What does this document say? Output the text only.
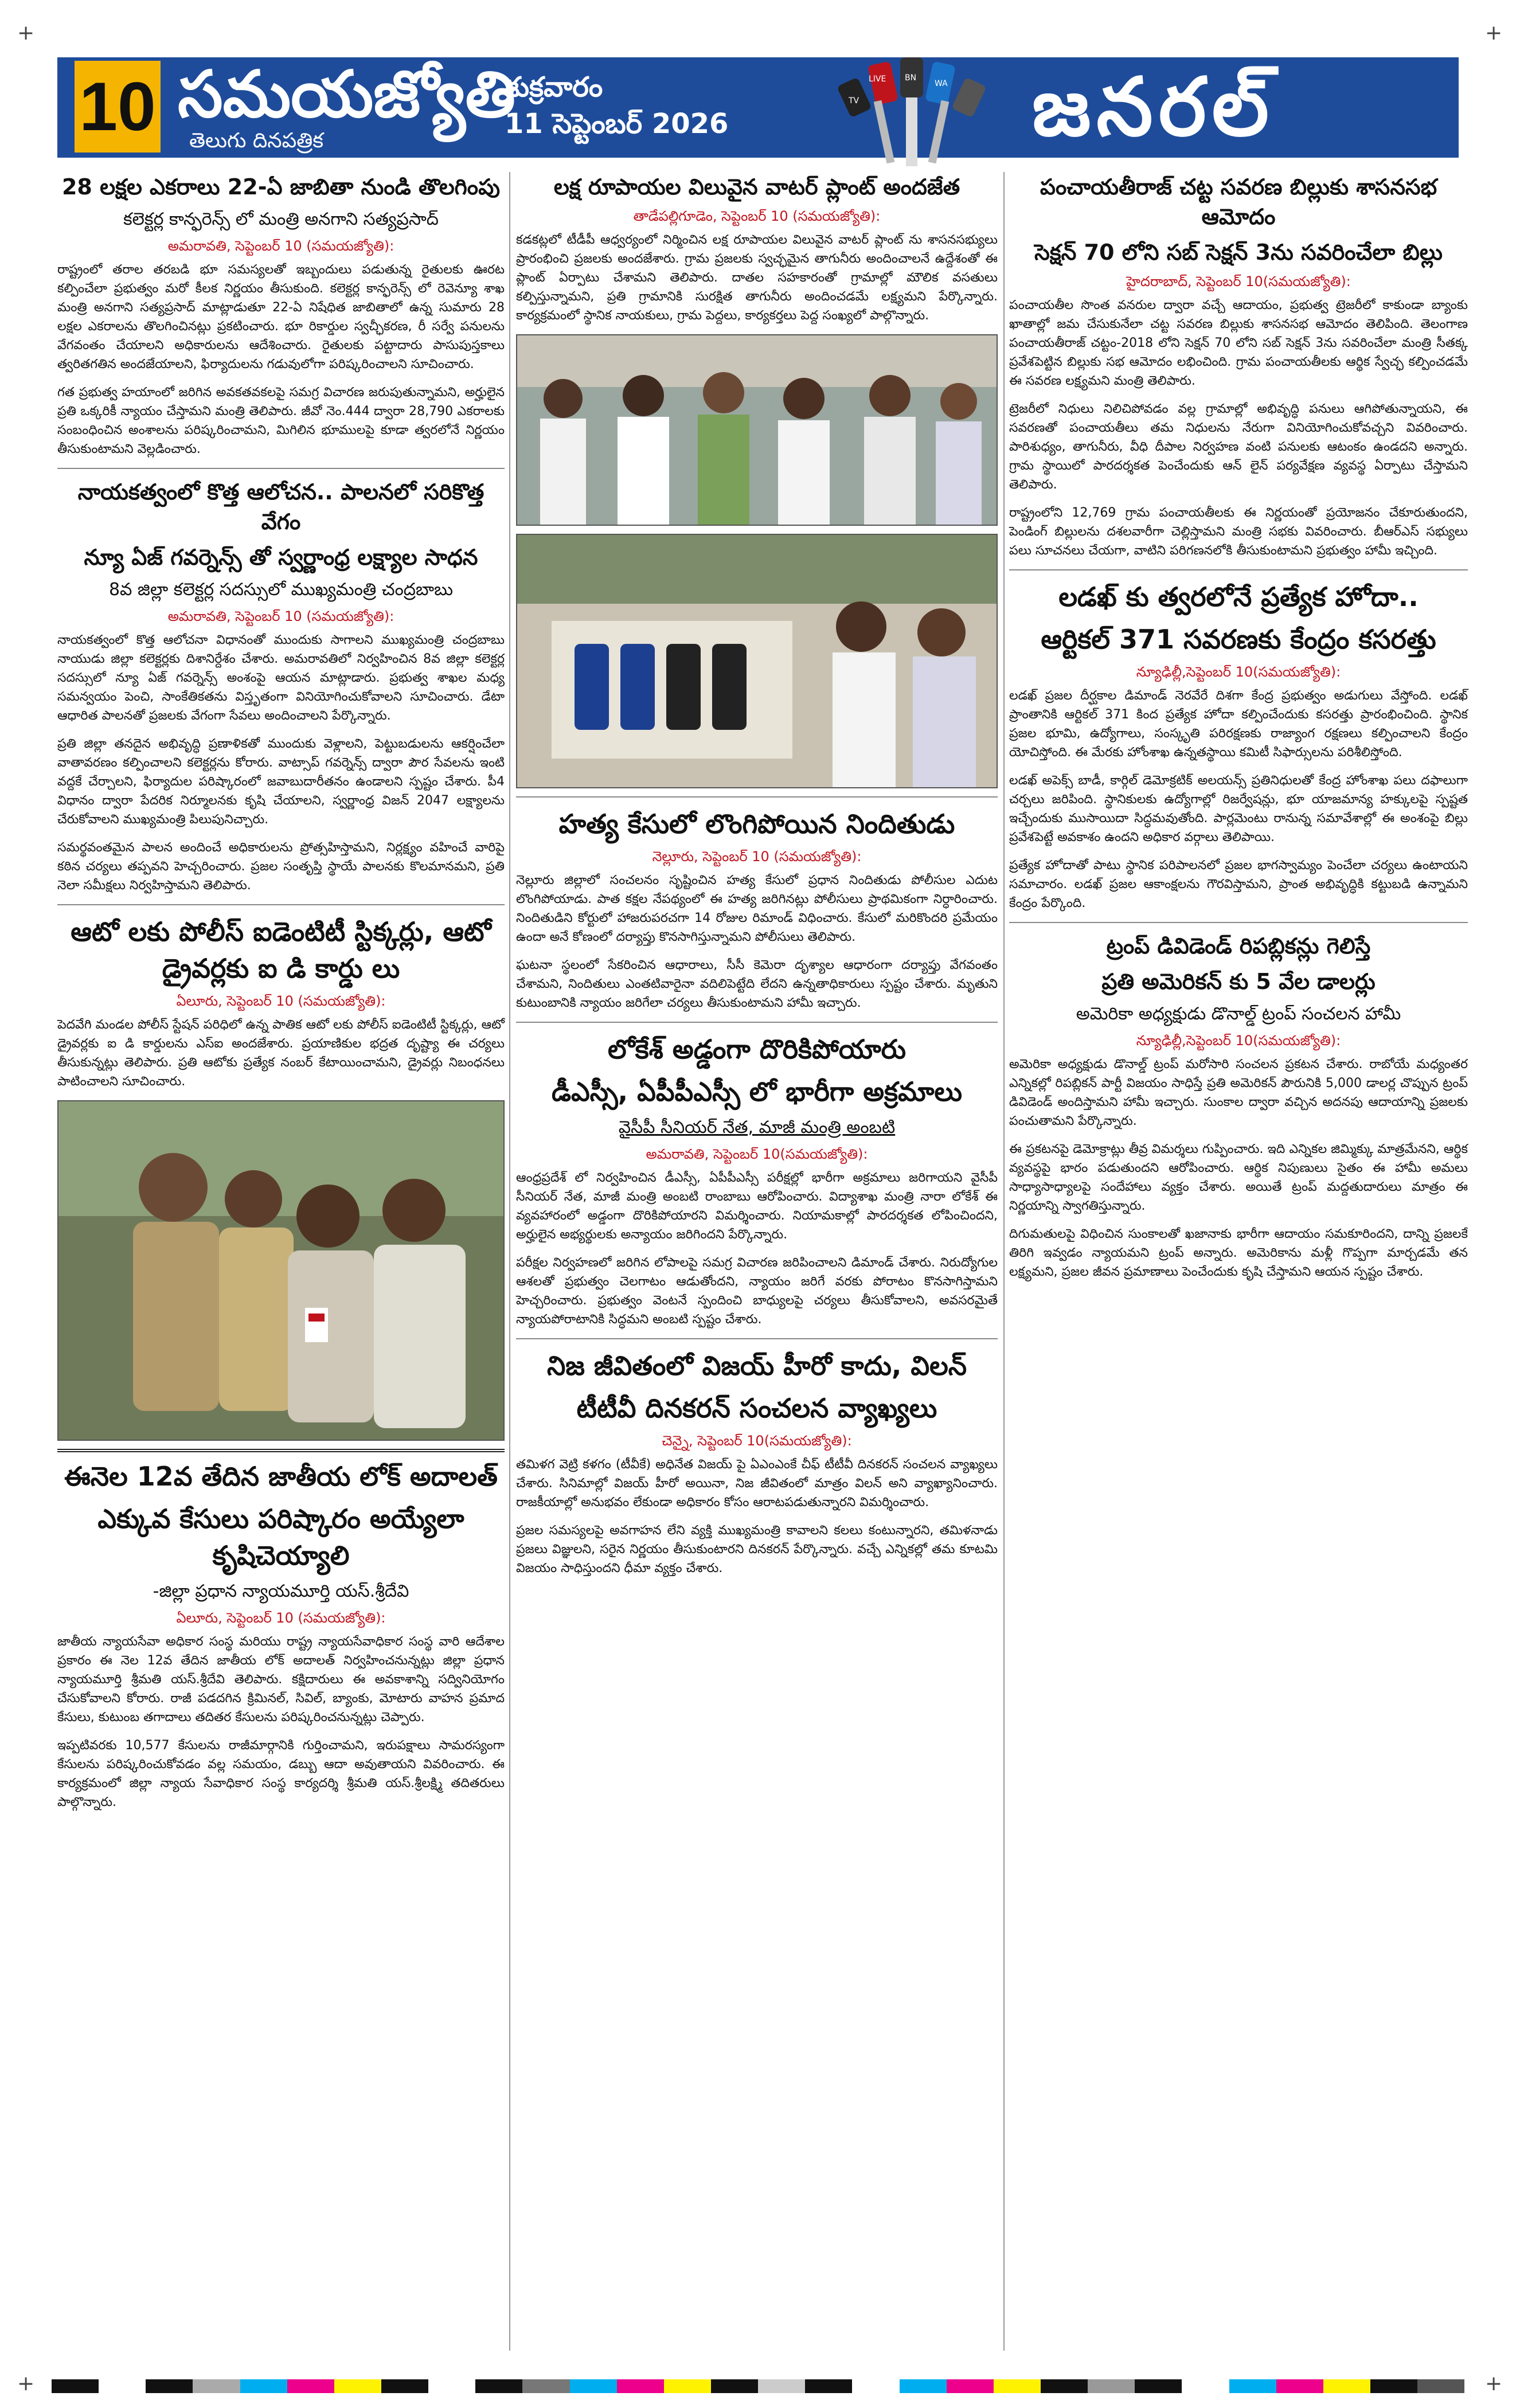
+	+
10 సమయజ్యోతి
తెలుగు దినపత్రిక
శుక్రవారం
11 సెప్టెంబర్ 2026
LIVE
TV
BN
WA జనరల్
28 లక్షల ఎకరాలు 22-ఏ జాబితా నుండి తొలగింపు
కలెక్టర్ల కాన్ఫరెన్స్ లో మంత్రి అనగాని సత్యప్రసాద్
అమరావతి, సెప్టెంబర్ 10 (సమయజ్యోతి):

రాష్ట్రంలో తరాల తరబడి భూ సమస్యలతో ఇబ్బందులు పడుతున్న రైతులకు ఊరట కల్పించేలా ప్రభుత్వం మరో కీలక నిర్ణయం తీసుకుంది. కలెక్టర్ల కాన్ఫరెన్స్ లో రెవెన్యూ శాఖ మంత్రి అనగాని సత్యప్రసాద్ మాట్లాడుతూ 22-ఏ నిషేధిత జాబితాలో ఉన్న సుమారు 28 లక్షల ఎకరాలను తొలగించినట్లు ప్రకటించారు. భూ రికార్డుల స్వచ్ఛీకరణ, రీ సర్వే పనులను వేగవంతం చేయాలని అధికారులను ఆదేశించారు. రైతులకు పట్టాదారు పాసుపుస్తకాలు త్వరితగతిన అందజేయాలని, ఫిర్యాదులను గడువులోగా పరిష్కరించాలని సూచించారు.

గత ప్రభుత్వ హయాంలో జరిగిన అవకతవకలపై సమగ్ర విచారణ జరుపుతున్నామని, అర్హులైన ప్రతి ఒక్కరికీ న్యాయం చేస్తామని మంత్రి తెలిపారు. జీవో నెం.444 ద్వారా 28,790 ఎకరాలకు సంబంధించిన అంశాలను పరిష్కరించామని, మిగిలిన భూములపై కూడా త్వరలోనే నిర్ణయం తీసుకుంటామని వెల్లడించారు.

నాయకత్వంలో కొత్త ఆలోచన.. పాలనలో సరికొత్త వేగం
న్యూ ఏజ్ గవర్నెన్స్ తో స్వర్ణాంధ్ర లక్ష్యాల సాధన
8వ జిల్లా కలెక్టర్ల సదస్సులో ముఖ్యమంత్రి చంద్రబాబు
అమరావతి, సెప్టెంబర్ 10 (సమయజ్యోతి):

నాయకత్వంలో కొత్త ఆలోచనా విధానంతో ముందుకు సాగాలని ముఖ్యమంత్రి చంద్రబాబు నాయుడు జిల్లా కలెక్టర్లకు దిశానిర్దేశం చేశారు. అమరావతిలో నిర్వహించిన 8వ జిల్లా కలెక్టర్ల సదస్సులో న్యూ ఏజ్ గవర్నెన్స్ అంశంపై ఆయన మాట్లాడారు. ప్రభుత్వ శాఖల మధ్య సమన్వయం పెంచి, సాంకేతికతను విస్తృతంగా వినియోగించుకోవాలని సూచించారు. డేటా ఆధారిత పాలనతో ప్రజలకు వేగంగా సేవలు అందించాలని పేర్కొన్నారు.

ప్రతి జిల్లా తనదైన అభివృద్ధి ప్రణాళికతో ముందుకు వెళ్లాలని, పెట్టుబడులను ఆకర్షించేలా వాతావరణం కల్పించాలని కలెక్టర్లను కోరారు. వాట్సాప్ గవర్నెన్స్ ద్వారా పౌర సేవలను ఇంటి వద్దకే చేర్చాలని, ఫిర్యాదుల పరిష్కారంలో జవాబుదారీతనం ఉండాలని స్పష్టం చేశారు. పీ4 విధానం ద్వారా పేదరిక నిర్మూలనకు కృషి చేయాలని, స్వర్ణాంధ్ర విజన్ 2047 లక్ష్యాలను చేరుకోవాలని ముఖ్యమంత్రి పిలుపునిచ్చారు.

సమర్థవంతమైన పాలన అందించే అధికారులను ప్రోత్సహిస్తామని, నిర్లక్ష్యం వహించే వారిపై కఠిన చర్యలు తప్పవని హెచ్చరించారు. ప్రజల సంతృప్తి స్థాయే పాలనకు కొలమానమని, ప్రతి నెలా సమీక్షలు నిర్వహిస్తామని తెలిపారు.

ఆటో లకు పోలీస్ ఐడెంటిటీ స్టిక్కర్లు, ఆటో డ్రైవర్లకు ఐ డి కార్డు లు
ఏలూరు, సెప్టెంబర్ 10 (సమయజ్యోతి):

పెదవేగి మండల పోలీస్ స్టేషన్ పరిధిలో ఉన్న పాతిక ఆటో లకు పోలీస్ ఐడెంటిటీ స్టిక్కర్లు, ఆటో డ్రైవర్లకు ఐ డి కార్డులను ఎస్ఐ అందజేశారు. ప్రయాణికుల భద్రత దృష్ట్యా ఈ చర్యలు తీసుకున్నట్లు తెలిపారు. ప్రతి ఆటోకు ప్రత్యేక నంబర్ కేటాయించామని, డ్రైవర్లు నిబంధనలు పాటించాలని సూచించారు.

ఈనెల 12వ తేదిన జాతీయ లోక్ అదాలత్
ఎక్కువ కేసులు పరిష్కారం అయ్యేలా కృషిచెయ్యాలి
-జిల్లా ప్రధాన న్యాయమూర్తి యస్.శ్రీదేవి
ఏలూరు, సెప్టెంబర్ 10 (సమయజ్యోతి):

జాతీయ న్యాయసేవా అధికార సంస్థ మరియు రాష్ట్ర న్యాయసేవాధికార సంస్థ వారి ఆదేశాల ప్రకారం ఈ నెల 12వ తేదిన జాతీయ లోక్ అదాలత్ నిర్వహించనున్నట్లు జిల్లా ప్రధాన న్యాయమూర్తి శ్రీమతి యస్.శ్రీదేవి తెలిపారు. కక్షిదారులు ఈ అవకాశాన్ని సద్వినియోగం చేసుకోవాలని కోరారు. రాజీ పడదగిన క్రిమినల్, సివిల్, బ్యాంకు, మోటారు వాహన ప్రమాద కేసులు, కుటుంబ తగాదాలు తదితర కేసులను పరిష్కరించనున్నట్లు చెప్పారు.

ఇప్పటివరకు 10,577 కేసులను రాజీమార్గానికి గుర్తించామని, ఇరుపక్షాలు సామరస్యంగా కేసులను పరిష్కరించుకోవడం వల్ల సమయం, డబ్బు ఆదా అవుతాయని వివరించారు. ఈ కార్యక్రమంలో జిల్లా న్యాయ సేవాధికార సంస్థ కార్యదర్శి శ్రీమతి యస్.శ్రీలక్ష్మి తదితరులు పాల్గొన్నారు.

లక్ష రూపాయల విలువైన వాటర్ ప్లాంట్ అందజేత
తాడేపల్లిగూడెం, సెప్టెంబర్ 10 (సమయజ్యోతి):

కడకట్లలో టీడీపీ ఆధ్వర్యంలో నిర్మించిన లక్ష రూపాయల విలువైన వాటర్ ప్లాంట్ ను శాసనసభ్యులు ప్రారంభించి ప్రజలకు అందజేశారు. గ్రామ ప్రజలకు స్వచ్ఛమైన తాగునీరు అందించాలనే ఉద్దేశంతో ఈ ప్లాంట్ ఏర్పాటు చేశామని తెలిపారు. దాతల సహకారంతో గ్రామాల్లో మౌలిక వసతులు కల్పిస్తున్నామని, ప్రతి గ్రామానికి సురక్షిత తాగునీరు అందించడమే లక్ష్యమని పేర్కొన్నారు. కార్యక్రమంలో స్థానిక నాయకులు, గ్రామ పెద్దలు, కార్యకర్తలు పెద్ద సంఖ్యలో పాల్గొన్నారు.

హత్య కేసులో లొంగిపోయిన నిందితుడు
నెల్లూరు, సెప్టెంబర్ 10 (సమయజ్యోతి):

నెల్లూరు జిల్లాలో సంచలనం సృష్టించిన హత్య కేసులో ప్రధాన నిందితుడు పోలీసుల ఎదుట లొంగిపోయాడు. పాత కక్షల నేపథ్యంలో ఈ హత్య జరిగినట్లు పోలీసులు ప్రాథమికంగా నిర్ధారించారు. నిందితుడిని కోర్టులో హాజరుపరచగా 14 రోజుల రిమాండ్ విధించారు. కేసులో మరికొందరి ప్రమేయం ఉందా అనే కోణంలో దర్యాప్తు కొనసాగిస్తున్నామని పోలీసులు తెలిపారు.

ఘటనా స్థలంలో సేకరించిన ఆధారాలు, సీసీ కెమెరా దృశ్యాల ఆధారంగా దర్యాప్తు వేగవంతం చేశామని, నిందితులు ఎంతటివారైనా వదిలిపెట్టేది లేదని ఉన్నతాధికారులు స్పష్టం చేశారు. మృతుని కుటుంబానికి న్యాయం జరిగేలా చర్యలు తీసుకుంటామని హామీ ఇచ్చారు.

లోకేశ్ అడ్డంగా దొరికిపోయారు
డీఎస్సీ, ఏపీపీఎస్సీ లో భారీగా అక్రమాలు
వైసీపీ సీనియర్ నేత, మాజీ మంత్రి అంబటి
అమరావతి, సెప్టెంబర్ 10(సమయజ్యోతి):

ఆంధ్రప్రదేశ్ లో నిర్వహించిన డీఎస్సీ, ఏపీపీఎస్సీ పరీక్షల్లో భారీగా అక్రమాలు జరిగాయని వైసీపీ సీనియర్ నేత, మాజీ మంత్రి అంబటి రాంబాబు ఆరోపించారు. విద్యాశాఖ మంత్రి నారా లోకేశ్ ఈ వ్యవహారంలో అడ్డంగా దొరికిపోయారని విమర్శించారు. నియామకాల్లో పారదర్శకత లోపించిందని, అర్హులైన అభ్యర్థులకు అన్యాయం జరిగిందని పేర్కొన్నారు.

పరీక్షల నిర్వహణలో జరిగిన లోపాలపై సమగ్ర విచారణ జరిపించాలని డిమాండ్ చేశారు. నిరుద్యోగుల ఆశలతో ప్రభుత్వం చెలగాటం ఆడుతోందని, న్యాయం జరిగే వరకు పోరాటం కొనసాగిస్తామని హెచ్చరించారు. ప్రభుత్వం వెంటనే స్పందించి బాధ్యులపై చర్యలు తీసుకోవాలని, అవసరమైతే న్యాయపోరాటానికి సిద్ధమని అంబటి స్పష్టం చేశారు.

నిజ జీవితంలో విజయ్ హీరో కాదు, విలన్
టీటీవీ దినకరన్ సంచలన వ్యాఖ్యలు
చెన్నై, సెప్టెంబర్ 10(సమయజ్యోతి):

తమిళగ వెట్రి కళగం (టీవీకే) అధినేత విజయ్ పై ఏఎంఎంకే చీఫ్ టీటీవీ దినకరన్ సంచలన వ్యాఖ్యలు చేశారు. సినిమాల్లో విజయ్ హీరో అయినా, నిజ జీవితంలో మాత్రం విలన్ అని వ్యాఖ్యానించారు. రాజకీయాల్లో అనుభవం లేకుండా అధికారం కోసం ఆరాటపడుతున్నారని విమర్శించారు.

ప్రజల సమస్యలపై అవగాహన లేని వ్యక్తి ముఖ్యమంత్రి కావాలని కలలు కంటున్నారని, తమిళనాడు ప్రజలు విజ్ఞులని, సరైన నిర్ణయం తీసుకుంటారని దినకరన్ పేర్కొన్నారు. వచ్చే ఎన్నికల్లో తమ కూటమి విజయం సాధిస్తుందని ధీమా వ్యక్తం చేశారు.

పంచాయతీరాజ్ చట్ట సవరణ బిల్లుకు శాసనసభ ఆమోదం
సెక్షన్ 70 లోని సబ్ సెక్షన్ 3ను సవరించేలా బిల్లు
హైదరాబాద్, సెప్టెంబర్ 10(సమయజ్యోతి):

పంచాయతీల సొంత వనరుల ద్వారా వచ్చే ఆదాయం, ప్రభుత్వ ట్రెజరీలో కాకుండా బ్యాంకు ఖాతాల్లో జమ చేసుకునేలా చట్ట సవరణ బిల్లుకు శాసనసభ ఆమోదం తెలిపింది. తెలంగాణ పంచాయతీరాజ్ చట్టం-2018 లోని సెక్షన్ 70 లోని సబ్ సెక్షన్ 3ను సవరించేలా మంత్రి సీతక్క ప్రవేశపెట్టిన బిల్లుకు సభ ఆమోదం లభించింది. గ్రామ పంచాయతీలకు ఆర్థిక స్వేచ్ఛ కల్పించడమే ఈ సవరణ లక్ష్యమని మంత్రి తెలిపారు.

ట్రెజరీలో నిధులు నిలిచిపోవడం వల్ల గ్రామాల్లో అభివృద్ధి పనులు ఆగిపోతున్నాయని, ఈ సవరణతో పంచాయతీలు తమ నిధులను నేరుగా వినియోగించుకోవచ్చని వివరించారు. పారిశుధ్యం, తాగునీరు, వీధి దీపాల నిర్వహణ వంటి పనులకు ఆటంకం ఉండదని అన్నారు. గ్రామ స్థాయిలో పారదర్శకత పెంచేందుకు ఆన్ లైన్ పర్యవేక్షణ వ్యవస్థ ఏర్పాటు చేస్తామని తెలిపారు.

రాష్ట్రంలోని 12,769 గ్రామ పంచాయతీలకు ఈ నిర్ణయంతో ప్రయోజనం చేకూరుతుందని, పెండింగ్ బిల్లులను దశలవారీగా చెల్లిస్తామని మంత్రి సభకు వివరించారు. బీఆర్ఎస్ సభ్యులు పలు సూచనలు చేయగా, వాటిని పరిగణనలోకి తీసుకుంటామని ప్రభుత్వం హామీ ఇచ్చింది.

లడఖ్ కు త్వరలోనే ప్రత్యేక హోదా..
ఆర్టికల్ 371 సవరణకు కేంద్రం కసరత్తు
న్యూఢిల్లీ,సెప్టెంబర్ 10(సమయజ్యోతి):

లడఖ్ ప్రజల దీర్ఘకాల డిమాండ్ నెరవేరే దిశగా కేంద్ర ప్రభుత్వం అడుగులు వేస్తోంది. లడఖ్ ప్రాంతానికి ఆర్టికల్ 371 కింద ప్రత్యేక హోదా కల్పించేందుకు కసరత్తు ప్రారంభించింది. స్థానిక ప్రజల భూమి, ఉద్యోగాలు, సంస్కృతి పరిరక్షణకు రాజ్యాంగ రక్షణలు కల్పించాలని కేంద్రం యోచిస్తోంది. ఈ మేరకు హోంశాఖ ఉన్నతస్థాయి కమిటీ సిఫార్సులను పరిశీలిస్తోంది.

లడఖ్ అపెక్స్ బాడీ, కార్గిల్ డెమోక్రటిక్ అలయన్స్ ప్రతినిధులతో కేంద్ర హోంశాఖ పలు దఫాలుగా చర్చలు జరిపింది. స్థానికులకు ఉద్యోగాల్లో రిజర్వేషన్లు, భూ యాజమాన్య హక్కులపై స్పష్టత ఇచ్చేందుకు ముసాయిదా సిద్ధమవుతోంది. పార్లమెంటు రానున్న సమావేశాల్లో ఈ అంశంపై బిల్లు ప్రవేశపెట్టే అవకాశం ఉందని అధికార వర్గాలు తెలిపాయి.

ప్రత్యేక హోదాతో పాటు స్థానిక పరిపాలనలో ప్రజల భాగస్వామ్యం పెంచేలా చర్యలు ఉంటాయని సమాచారం. లడఖ్ ప్రజల ఆకాంక్షలను గౌరవిస్తామని, ప్రాంత అభివృద్ధికి కట్టుబడి ఉన్నామని కేంద్రం పేర్కొంది.

ట్రంప్ డివిడెండ్ రిపబ్లికన్లు గెలిస్తే
ప్రతి అమెరికన్ కు 5 వేల డాలర్లు
అమెరికా అధ్యక్షుడు డొనాల్డ్ ట్రంప్ సంచలన హామీ
న్యూఢిల్లీ,సెప్టెంబర్ 10(సమయజ్యోతి):

అమెరికా అధ్యక్షుడు డొనాల్డ్ ట్రంప్ మరోసారి సంచలన ప్రకటన చేశారు. రాబోయే మధ్యంతర ఎన్నికల్లో రిపబ్లికన్ పార్టీ విజయం సాధిస్తే ప్రతి అమెరికన్ పౌరునికి 5,000 డాలర్ల చొప్పున ట్రంప్ డివిడెండ్ అందిస్తామని హామీ ఇచ్చారు. సుంకాల ద్వారా వచ్చిన అదనపు ఆదాయాన్ని ప్రజలకు పంచుతామని పేర్కొన్నారు.

ఈ ప్రకటనపై డెమోక్రాట్లు తీవ్ర విమర్శలు గుప్పించారు. ఇది ఎన్నికల జిమ్మిక్కు మాత్రమేనని, ఆర్థిక వ్యవస్థపై భారం పడుతుందని ఆరోపించారు. ఆర్థిక నిపుణులు సైతం ఈ హామీ అమలు సాధ్యాసాధ్యాలపై సందేహాలు వ్యక్తం చేశారు. అయితే ట్రంప్ మద్దతుదారులు మాత్రం ఈ నిర్ణయాన్ని స్వాగతిస్తున్నారు.

దిగుమతులపై విధించిన సుంకాలతో ఖజానాకు భారీగా ఆదాయం సమకూరిందని, దాన్ని ప్రజలకే తిరిగి ఇవ్వడం న్యాయమని ట్రంప్ అన్నారు. అమెరికాను మళ్లీ గొప్పగా మార్చడమే తన లక్ష్యమని, ప్రజల జీవన ప్రమాణాలు పెంచేందుకు కృషి చేస్తామని ఆయన స్పష్టం చేశారు.

+	+
